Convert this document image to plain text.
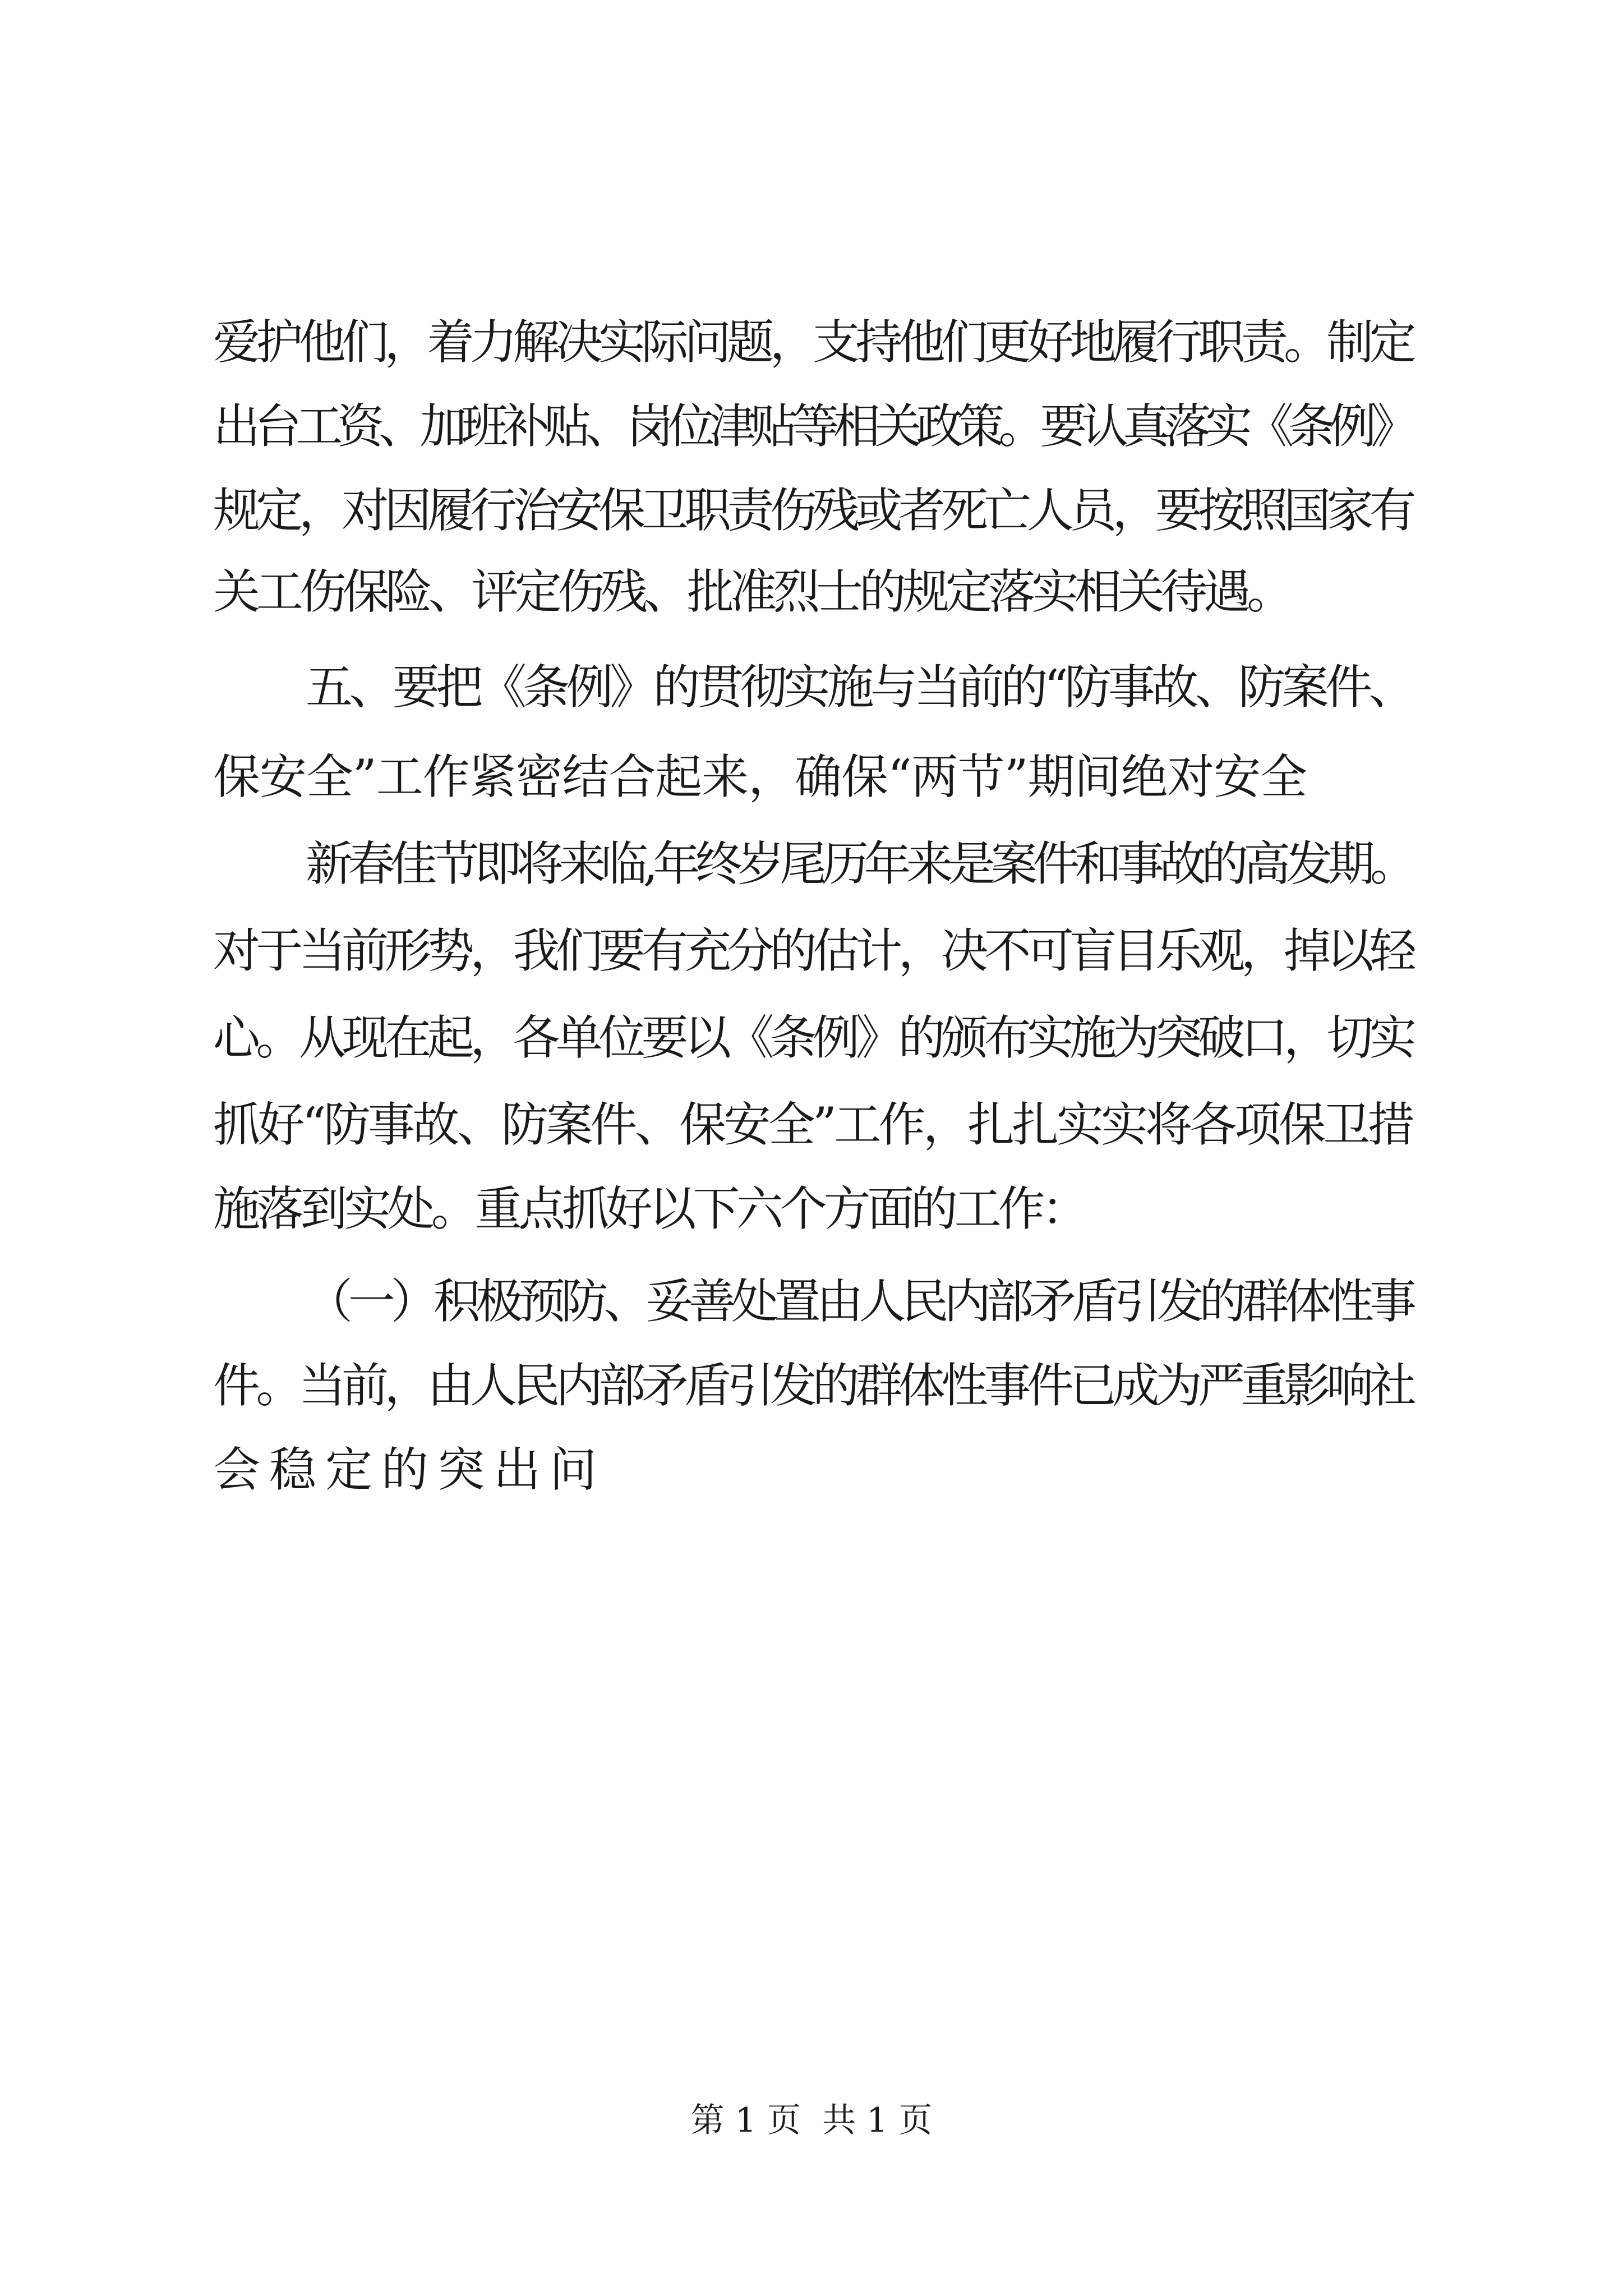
爱护他们，着力解决实际问题，支持他们更好地履行职责。制定
出台工资、加班补贴、岗位津贴等相关政策。要认真落实《条例》
规定，对因履行治安保卫职责伤残或者死亡人员，要按照国家有
关工伤保险、评定伤残、批准烈士的规定落实相关待遇。
五、要把《条例》的贯彻实施与当前的“防事故、防案件、
保安全”工作紧密结合起来，确保“两节”期间绝对安全
新春佳节即将来临,年终岁尾历年来是案件和事故的高发期。
对于当前形势，我们要有充分的估计，决不可盲目乐观，掉以轻
心。从现在起，各单位要以《条例》的颁布实施为突破口，切实
抓好“防事故、防案件、保安全”工作，扎扎实实将各项保卫措
施落到实处。重点抓好以下六个方面的工作：
（一）积极预防、妥善处置由人民内部矛盾引发的群体性事
件。当前，由人民内部矛盾引发的群体性事件已成为严重影响社
会稳定的突出问
第 1 页  共 1 页
